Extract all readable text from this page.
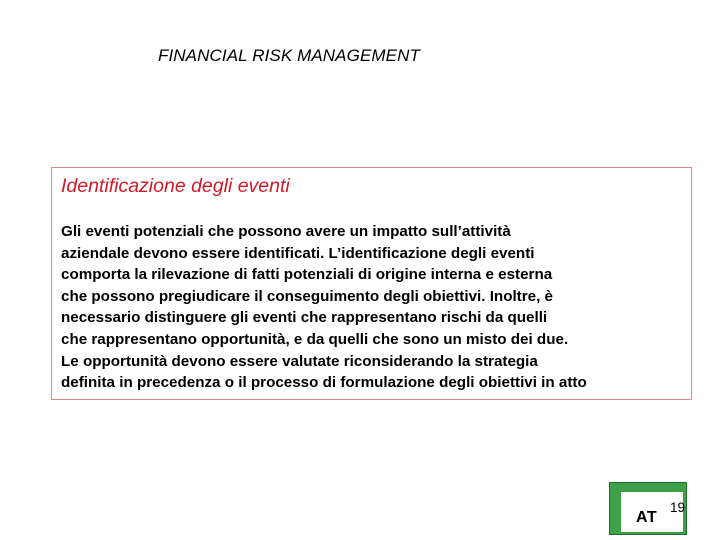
FINANCIAL RISK MANAGEMENT
Identificazione degli eventi
Gli eventi potenziali che possono avere un impatto sull’attività
aziendale devono essere identificati. L’identificazione degli eventi
comporta la rilevazione di fatti potenziali di origine interna e esterna
che possono pregiudicare il conseguimento degli obiettivi. Inoltre, è
necessario distinguere gli eventi che rappresentano rischi da quelli
che rappresentano opportunità, e da quelli che sono un misto dei due.
Le opportunità devono essere valutate riconsiderando la strategia
definita in precedenza o il processo di formulazione degli obiettivi in atto
AT
19
